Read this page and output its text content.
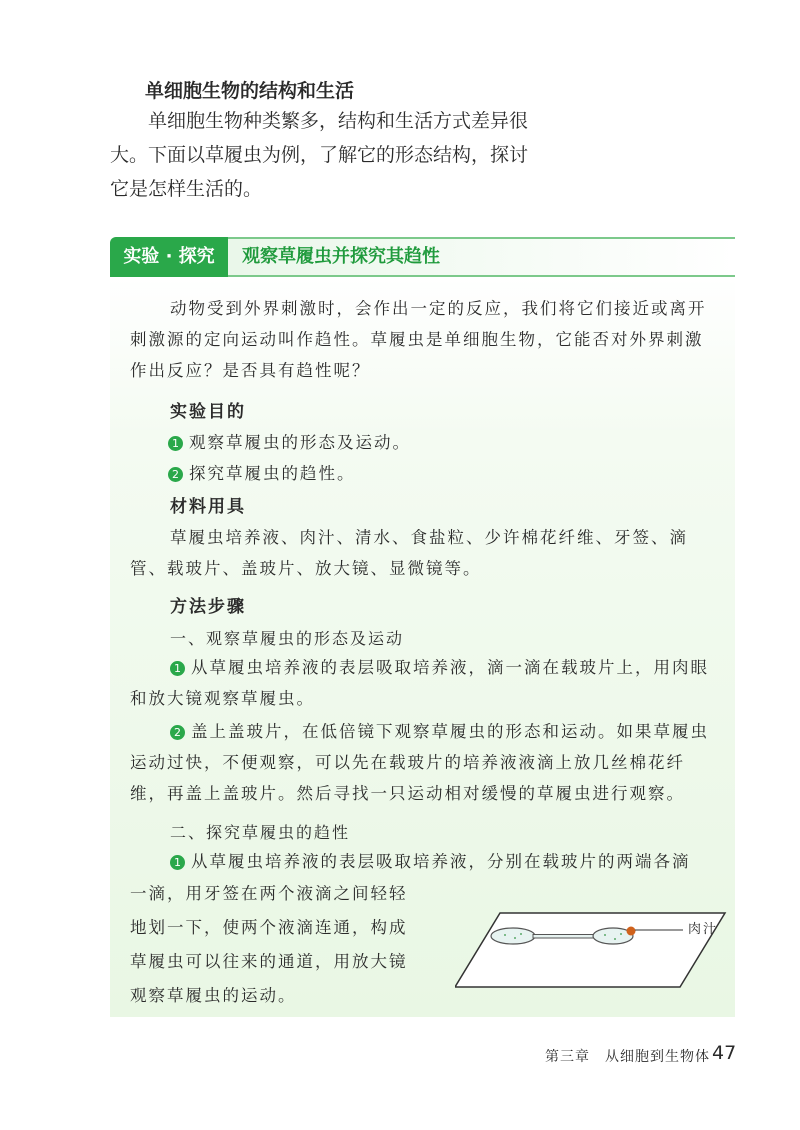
单细胞生物的结构和生活
单细胞生物种类繁多，结构和生活方式差异很大。下面以草履虫为例，了解它的形态结构，探讨它是怎样生活的。
实验 · 探究	观察草履虫并探究其趋性
动物受到外界刺激时，会作出一定的反应，我们将它们接近或离开刺激源的定向运动叫作趋性。草履虫是单细胞生物，它能否对外界刺激作出反应？是否具有趋性呢？
实验目的
1 观察草履虫的形态及运动。
2 探究草履虫的趋性。
材料用具
草履虫培养液、肉汁、清水、食盐粒、少许棉花纤维、牙签、滴管、载玻片、盖玻片、放大镜、显微镜等。
方法步骤
一、观察草履虫的形态及运动
1 从草履虫培养液的表层吸取培养液，滴一滴在载玻片上，用肉眼和放大镜观察草履虫。
2 盖上盖玻片，在低倍镜下观察草履虫的形态和运动。如果草履虫运动过快，不便观察，可以先在载玻片的培养液液滴上放几丝棉花纤维，再盖上盖玻片。然后寻找一只运动相对缓慢的草履虫进行观察。
二、探究草履虫的趋性
1 从草履虫培养液的表层吸取培养液，分别在载玻片的两端各滴
一滴，用牙签在两个液滴之间轻轻
地划一下，使两个液滴连通，构成
草履虫可以往来的通道，用放大镜
观察草履虫的运动。
肉汁
第三章　从细胞到生物体 47
